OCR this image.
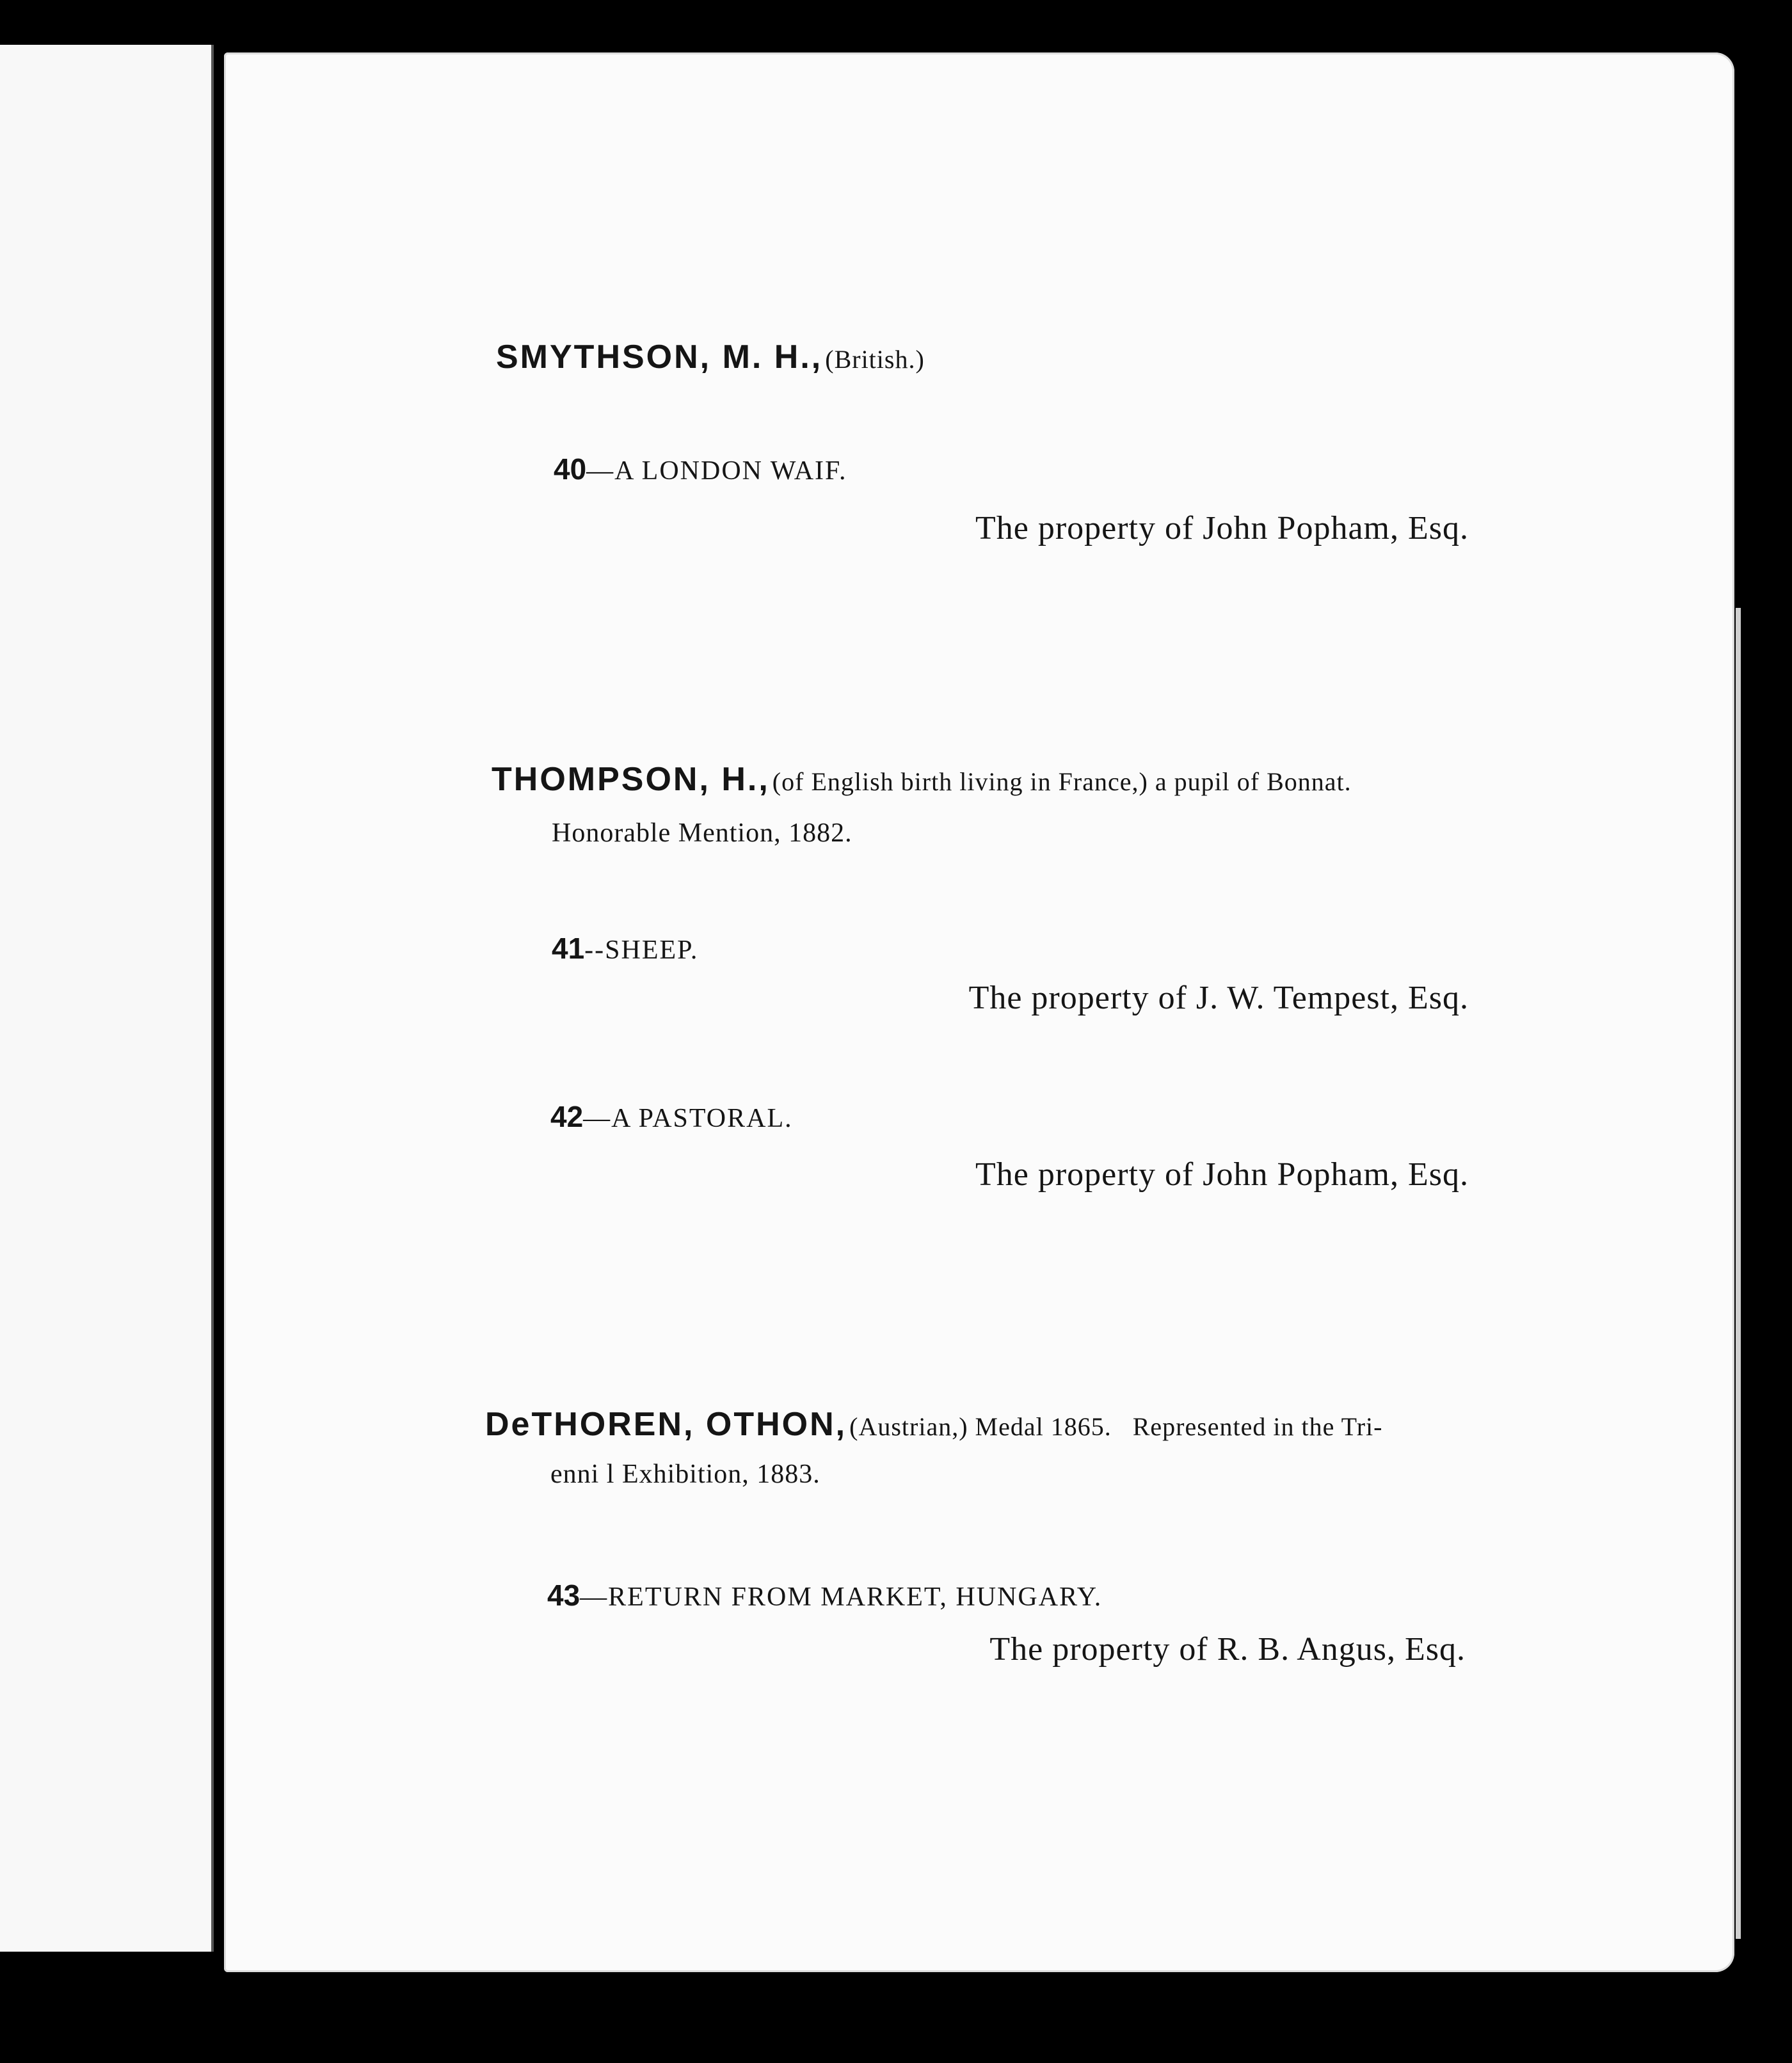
SMYTHSON, M. H., (British.)
40—A LONDON WAIF.
The property of John Popham, Esq.
THOMPSON, H., (of English birth living in France,) a pupil of Bonnat.
Honorable Mention, 1882.
41--SHEEP.
The property of J. W. Tempest, Esq.
42—A PASTORAL.
The property of John Popham, Esq.
DeTHOREN, OTHON, (Austrian,) Medal 1865.   Represented in the Tri-
enni l Exhibition, 1883.
43—RETURN FROM MARKET, HUNGARY.
The property of R. B. Angus, Esq.
